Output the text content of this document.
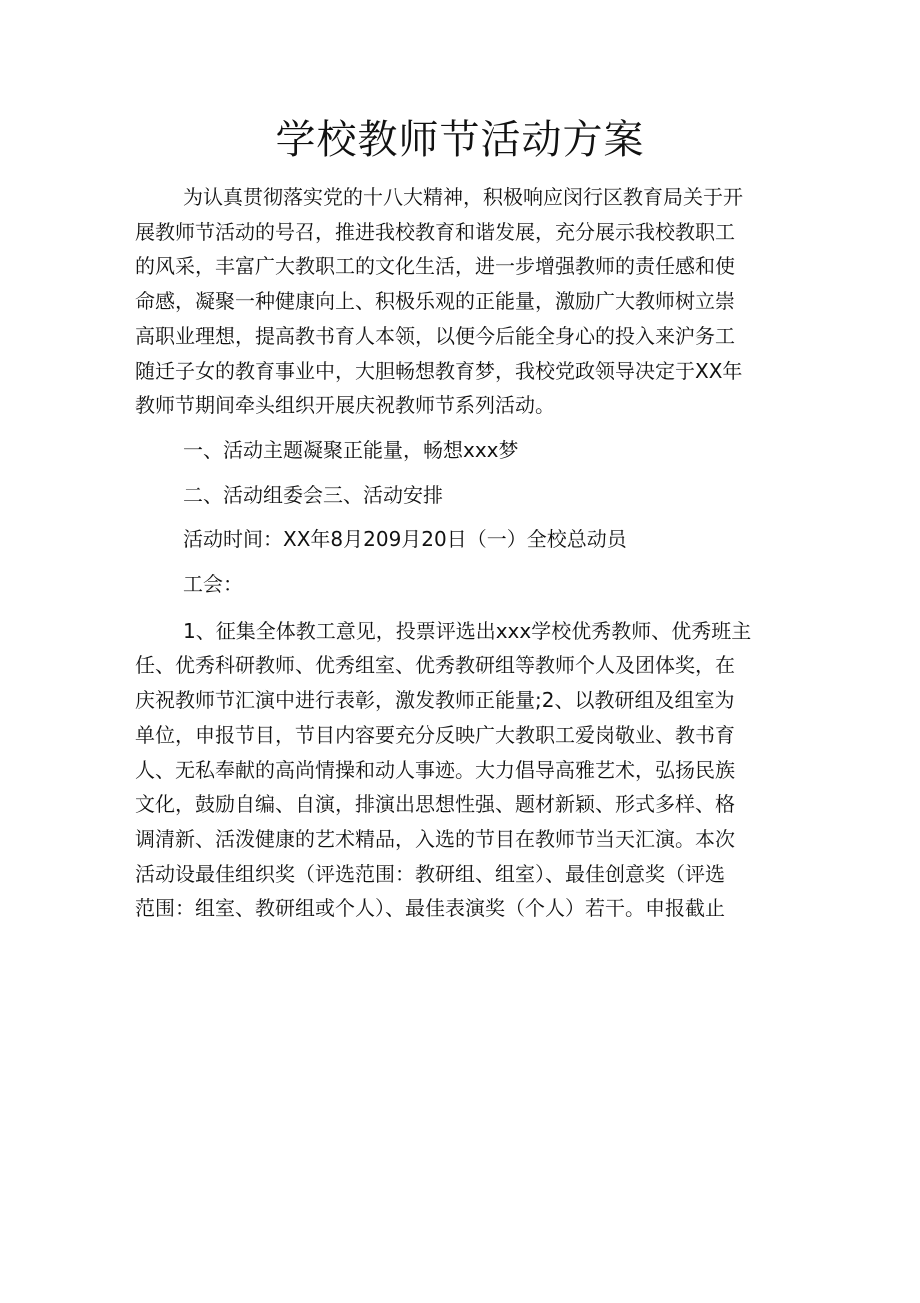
学校教师节活动方案
为认真贯彻落实党的十八大精神，积极响应闵行区教育局关于开
展教师节活动的号召，推进我校教育和谐发展，充分展示我校教职工
的风采，丰富广大教职工的文化生活，进一步增强教师的责任感和使
命感，凝聚一种健康向上、积极乐观的正能量，激励广大教师树立崇
高职业理想，提高教书育人本领，以便今后能全身心的投入来沪务工
随迁子女的教育事业中，大胆畅想教育梦，我校党政领导决定于XX年
教师节期间牵头组织开展庆祝教师节系列活动。

一、活动主题凝聚正能量，畅想xxx梦

二、活动组委会三、活动安排

活动时间：XX年8月209月20日（一）全校总动员

工会：

1、征集全体教工意见，投票评选出xxx学校优秀教师、优秀班主
任、优秀科研教师、优秀组室、优秀教研组等教师个人及团体奖，在
庆祝教师节汇演中进行表彰，激发教师正能量;2、以教研组及组室为
单位，申报节目，节目内容要充分反映广大教职工爱岗敬业、教书育
人、无私奉献的高尚情操和动人事迹。大力倡导高雅艺术，弘扬民族
文化，鼓励自编、自演，排演出思想性强、题材新颖、形式多样、格
调清新、活泼健康的艺术精品，入选的节目在教师节当天汇演。本次
活动设最佳组织奖（评选范围：教研组、组室）、最佳创意奖（评选
范围：组室、教研组或个人）、最佳表演奖（个人）若干。申报截止
